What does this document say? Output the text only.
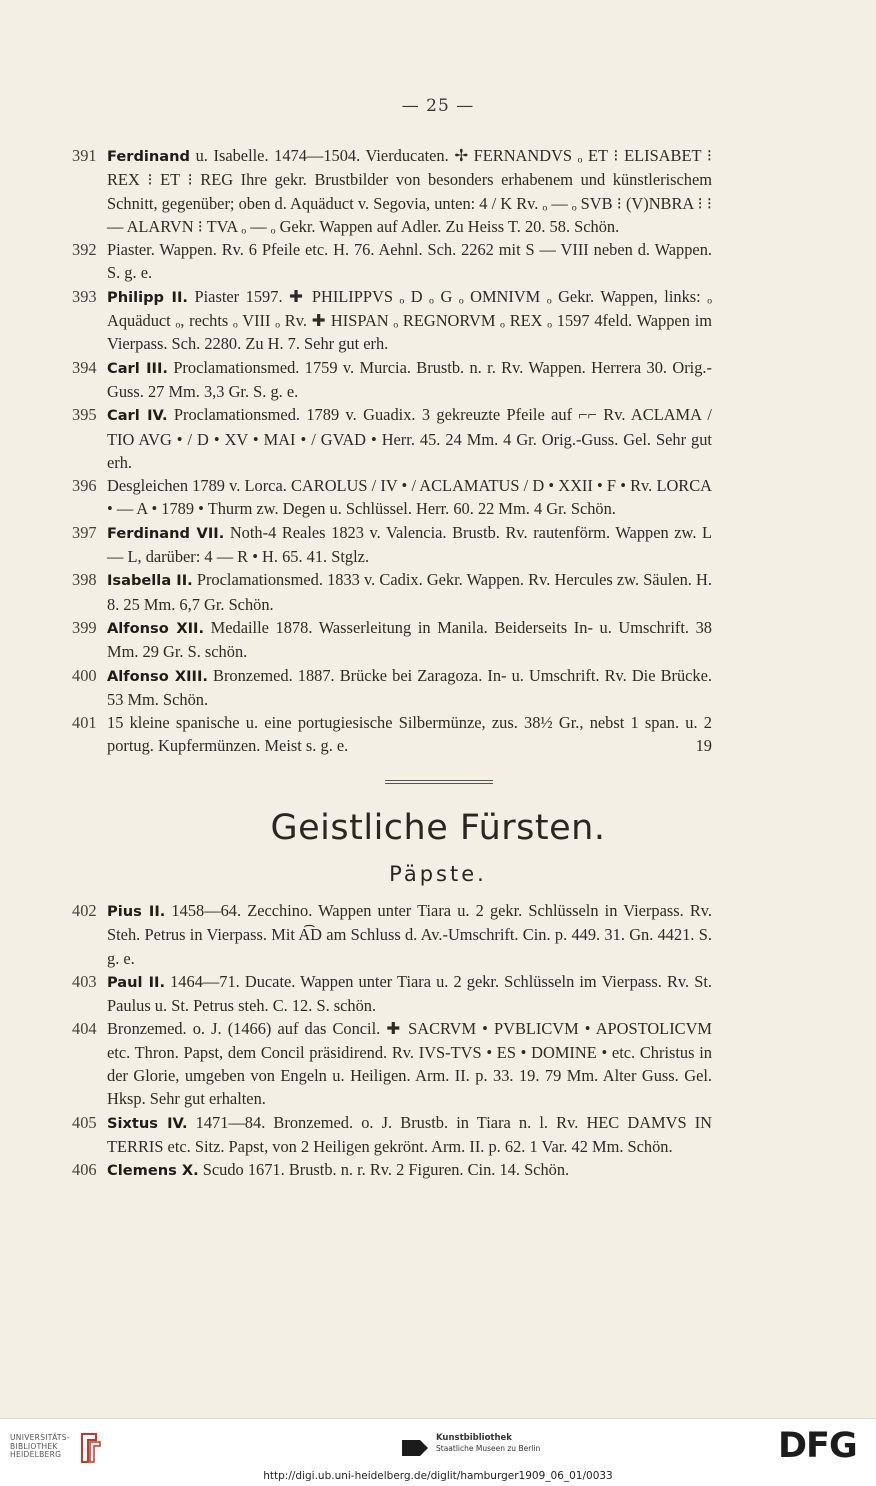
— 25 —

391 Ferdinand u. Isabelle. 1474—1504. Vierducaten. ✢ FERNANDVS ₒ ET ⁝ ELISABET ⁝ REX ⁝ ET ⁝ REG Ihre gekr. Brustbilder von besonders erhabenem und künstlerischem Schnitt, gegenüber; oben d. Aquäduct v. Segovia, unten: 4 / K Rv. ₒ — ₒ SVB ⁝ (V)NBRA ⁝ ⁝ — ALARVN ⁝ TVA ₒ — ₒ Gekr. Wappen auf Adler. Zu Heiss T. 20. 58. Schön.

392 Piaster. Wappen. Rv. 6 Pfeile etc. H. 76. Aehnl. Sch. 2262 mit S — VIII neben d. Wappen. S. g. e.

393 Philipp II. Piaster 1597. ✚ PHILIPPVS ₒ D ₒ G ₒ OMNIVM ₒ Gekr. Wappen, links: ₒ Aquäduct ₒ, rechts ₒ VIII ₒ Rv. ✚ HISPAN ₒ REGNORVM ₒ REX ₒ 1597 4feld. Wappen im Vierpass. Sch. 2280. Zu H. 7. Sehr gut erh.

394 Carl III. Proclamationsmed. 1759 v. Murcia. Brustb. n. r. Rv. Wappen. Herrera 30. Orig.-Guss. 27 Mm. 3,3 Gr. S. g. e.

395 Carl IV. Proclamationsmed. 1789 v. Guadix. 3 gekreuzte Pfeile auf ⌐⌐ Rv. ACLAMA / TIO AVG • / D • XV • MAI • / GVAD • Herr. 45. 24 Mm. 4 Gr. Orig.-Guss. Gel. Sehr gut erh.

396 Desgleichen 1789 v. Lorca. CAROLUS / IV • / ACLAMATUS / D • XXII • F • Rv. LORCA • — A • 1789 • Thurm zw. Degen u. Schlüssel. Herr. 60. 22 Mm. 4 Gr. Schön.

397 Ferdinand VII. Noth-4 Reales 1823 v. Valencia. Brustb. Rv. rautenförm. Wappen zw. L — L, darüber: 4 — R • H. 65. 41. Stglz.

398 Isabella II. Proclamationsmed. 1833 v. Cadix. Gekr. Wappen. Rv. Hercules zw. Säulen. H. 8. 25 Mm. 6,7 Gr. Schön.

399 Alfonso XII. Medaille 1878. Wasserleitung in Manila. Beiderseits In- u. Umschrift. 38 Mm. 29 Gr. S. schön.

400 Alfonso XIII. Bronzemed. 1887. Brücke bei Zaragoza. In- u. Umschrift. Rv. Die Brücke. 53 Mm. Schön.

401 15 kleine spanische u. eine portugiesische Silbermünze, zus. 38½ Gr., nebst 1 span. u. 2 portug. Kupfermünzen. Meist s. g. e.	19

Geistliche Fürsten.
Päpste.

402 Pius II. 1458—64. Zecchino. Wappen unter Tiara u. 2 gekr. Schlüsseln in Vierpass. Rv. Steh. Petrus in Vierpass. Mit A͡D am Schluss d. Av.-Umschrift. Cin. p. 449. 31. Gn. 4421. S. g. e.

403 Paul II. 1464—71. Ducate. Wappen unter Tiara u. 2 gekr. Schlüsseln im Vierpass. Rv. St. Paulus u. St. Petrus steh. C. 12. S. schön.

404 Bronzemed. o. J. (1466) auf das Concil. ✚ SACRVM • PVBLICVM • APOSTOLICVM etc. Thron. Papst, dem Concil präsidirend. Rv. IVS-TVS • ES • DOMINE • etc. Christus in der Glorie, umgeben von Engeln u. Heiligen. Arm. II. p. 33. 19. 79 Mm. Alter Guss. Gel. Hksp. Sehr gut erhalten.

405 Sixtus IV. 1471—84. Bronzemed. o. J. Brustb. in Tiara n. l. Rv. HEC DAMVS IN TERRIS etc. Sitz. Papst, von 2 Heiligen gekrönt. Arm. II. p. 62. 1 Var. 42 Mm. Schön.

406 Clemens X. Scudo 1671. Brustb. n. r. Rv. 2 Figuren. Cin. 14. Schön.

UNIVERSITÄTS-
BIBLIOTHEK
HEIDELBERG
Kunstbibliothek
Staatliche Museen zu Berlin	DFG
http://digi.ub.uni-heidelberg.de/diglit/hamburger1909_06_01/0033
